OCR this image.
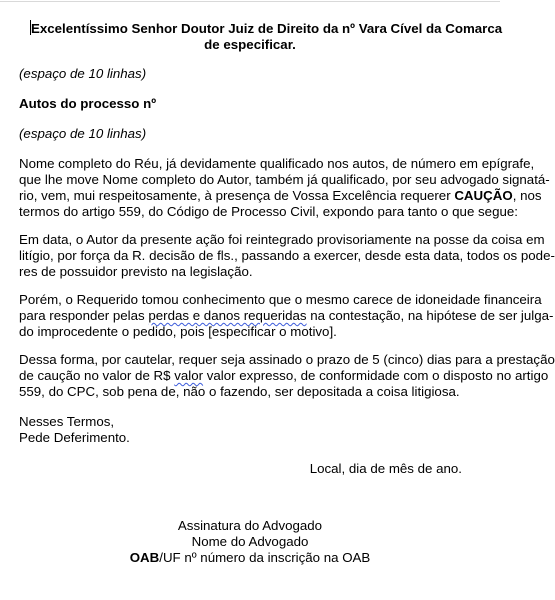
Excelentíssimo Senhor Doutor Juiz de Direito da nº Vara Cível da Comarca
de especificar.
(espaço de 10 linhas)
Autos do processo nº
(espaço de 10 linhas)
Nome completo do Réu, já devidamente qualificado nos autos, de número em epígrafe,
que lhe move Nome completo do Autor, também já qualificado, por seu advogado signatá-
rio, vem, mui respeitosamente, à presença de Vossa Excelência requerer CAUÇÃO, nos
termos do artigo 559, do Código de Processo Civil, expondo para tanto o que segue:
Em data, o Autor da presente ação foi reintegrado provisoriamente na posse da coisa em
litígio, por força da R. decisão de fls., passando a exercer, desde esta data, todos os pode-
res de possuidor previsto na legislação.
Porém, o Requerido tomou conhecimento que o mesmo carece de idoneidade financeira
para responder pelas perdas e danos requeridas na contestação, na hipótese de ser julga-
do improcedente o pedido, pois [especificar o motivo].
Dessa forma, por cautelar, requer seja assinado o prazo de 5 (cinco) dias para a prestação
de caução no valor de R$ valor valor expresso, de conformidade com o disposto no artigo
559, do CPC, sob pena de, não o fazendo, ser depositada a coisa litigiosa.
Nesses Termos,
Pede Deferimento.
Local, dia de mês de ano.
Assinatura do Advogado
Nome do Advogado
OAB/UF nº número da inscrição na OAB
